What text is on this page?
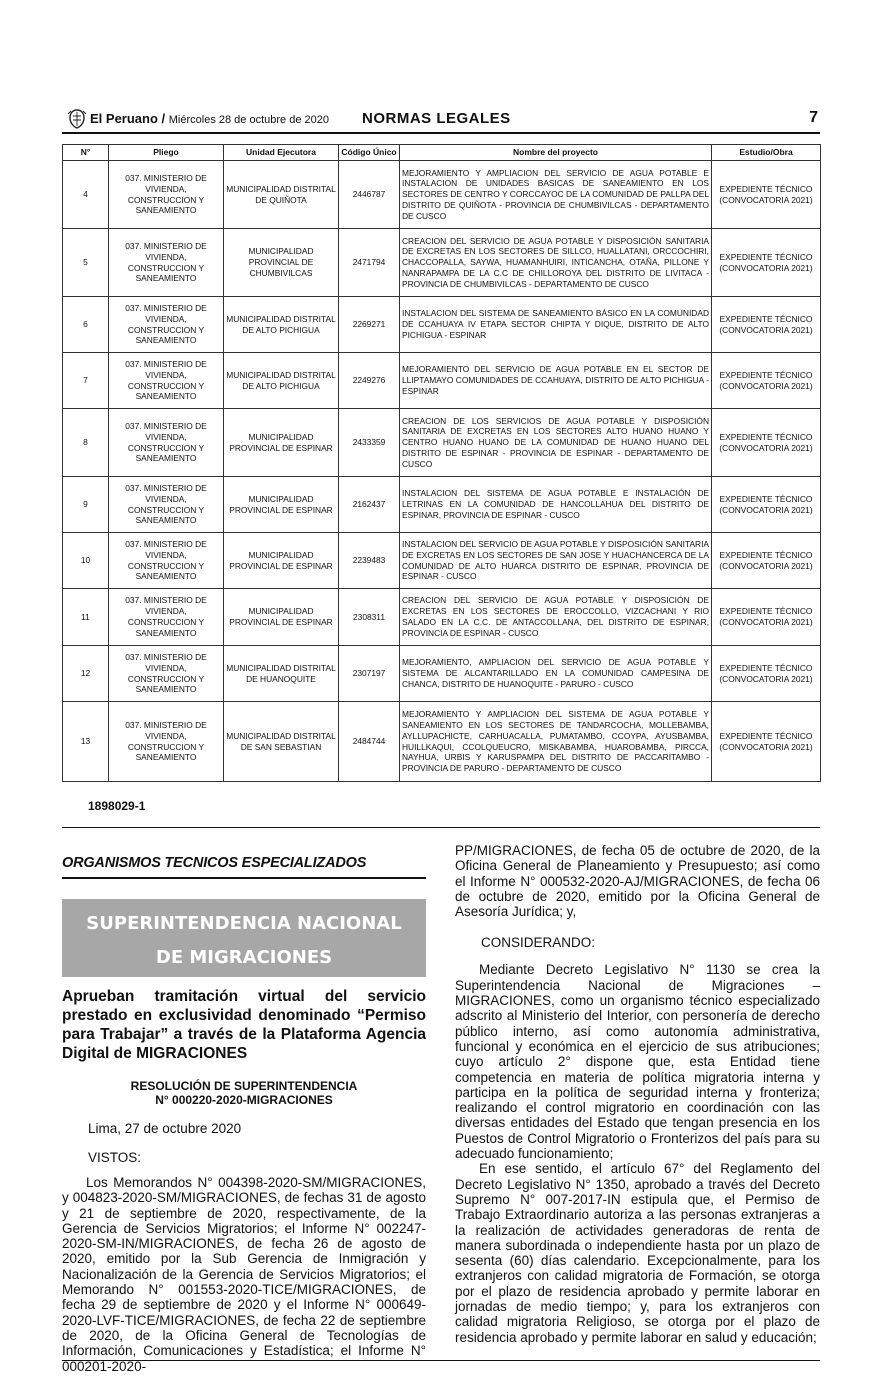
El Peruano / Miércoles 28 de octubre de 2020 NORMAS LEGALES	7
N°	Pliego	Unidad Ejecutora	Código Único	Nombre del proyecto	Estudio/Obra
4	037. MINISTERIO DE VIVIENDA, CONSTRUCCION Y SANEAMIENTO	MUNICIPALIDAD DISTRITAL DE QUIÑOTA	2446787	MEJORAMIENTO Y AMPLIACION DEL SERVICIO DE AGUA POTABLE E INSTALACION DE UNIDADES BASICAS DE SANEAMIENTO EN LOS SECTORES DE CENTRO Y CORCCAYOC DE LA COMUNIDAD DE PALLPA DEL DISTRITO DE QUIÑOTA - PROVINCIA DE CHUMBIVILCAS - DEPARTAMENTO DE CUSCO	EXPEDIENTE TÉCNICO (CONVOCATORIA 2021)
5	037. MINISTERIO DE VIVIENDA, CONSTRUCCION Y SANEAMIENTO	MUNICIPALIDAD PROVINCIAL DE CHUMBIVILCAS	2471794	CREACION DEL SERVICIO DE AGUA POTABLE Y DISPOSICIÓN SANITARIA DE EXCRETAS EN LOS SECTORES DE SILLCO, HUALLATANI, ORCCOCHIRI, CHACCOPALLA, SAYWA, HUAMANHUIRI, INTICANCHA, OTAÑA, PILLONE Y NANRAPAMPA DE LA C.C DE CHILLOROYA DEL DISTRITO DE LIVITACA - PROVINCIA DE CHUMBIVILCAS - DEPARTAMENTO DE CUSCO	EXPEDIENTE TÉCNICO (CONVOCATORIA 2021)
6	037. MINISTERIO DE VIVIENDA, CONSTRUCCION Y SANEAMIENTO	MUNICIPALIDAD DISTRITAL DE ALTO PICHIGUA	2269271	INSTALACION DEL SISTEMA DE SANEAMIENTO BÁSICO EN LA COMUNIDAD DE CCAHUAYA IV ETAPA SECTOR CHIPTA Y DIQUE, DISTRITO DE ALTO PICHIGUA - ESPINAR	EXPEDIENTE TÉCNICO (CONVOCATORIA 2021)
7	037. MINISTERIO DE VIVIENDA, CONSTRUCCION Y SANEAMIENTO	MUNICIPALIDAD DISTRITAL DE ALTO PICHIGUA	2249276	MEJORAMIENTO DEL SERVICIO DE AGUA POTABLE EN EL SECTOR DE LLIPTAMAYO COMUNIDADES DE CCAHUAYA, DISTRITO DE ALTO PICHIGUA - ESPINAR	EXPEDIENTE TÉCNICO (CONVOCATORIA 2021)
8	037. MINISTERIO DE VIVIENDA, CONSTRUCCION Y SANEAMIENTO	MUNICIPALIDAD PROVINCIAL DE ESPINAR	2433359	CREACION DE LOS SERVICIOS DE AGUA POTABLE Y DISPOSICIÓN SANITARIA DE EXCRETAS EN LOS SECTORES ALTO HUANO HUANO Y CENTRO HUANO HUANO DE LA COMUNIDAD DE HUANO HUANO DEL DISTRITO DE ESPINAR - PROVINCIA DE ESPINAR - DEPARTAMENTO DE CUSCO	EXPEDIENTE TÉCNICO (CONVOCATORIA 2021)
9	037. MINISTERIO DE VIVIENDA, CONSTRUCCION Y SANEAMIENTO	MUNICIPALIDAD PROVINCIAL DE ESPINAR	2162437	INSTALACION DEL SISTEMA DE AGUA POTABLE E INSTALACIÓN DE LETRINAS EN LA COMUNIDAD DE HANCOLLAHUA DEL DISTRITO DE ESPINAR, PROVINCIA DE ESPINAR - CUSCO	EXPEDIENTE TÉCNICO (CONVOCATORIA 2021)
10	037. MINISTERIO DE VIVIENDA, CONSTRUCCION Y SANEAMIENTO	MUNICIPALIDAD PROVINCIAL DE ESPINAR	2239483	INSTALACION DEL SERVICIO DE AGUA POTABLE Y DISPOSICIÓN SANITARIA DE EXCRETAS EN LOS SECTORES DE SAN JOSE Y HUACHANCERCA DE LA COMUNIDAD DE ALTO HUARCA DISTRITO DE ESPINAR, PROVINCIA DE ESPINAR - CUSCO	EXPEDIENTE TÉCNICO (CONVOCATORIA 2021)
11	037. MINISTERIO DE VIVIENDA, CONSTRUCCION Y SANEAMIENTO	MUNICIPALIDAD PROVINCIAL DE ESPINAR	2308311	CREACION DEL SERVICIO DE AGUA POTABLE Y DISPOSICIÓN DE EXCRETAS EN LOS SECTORES DE EROCCOLLO, VIZCACHANI Y RIO SALADO EN LA C.C. DE ANTACCOLLANA, DEL DISTRITO DE ESPINAR, PROVINCIA DE ESPINAR - CUSCO	EXPEDIENTE TÉCNICO (CONVOCATORIA 2021)
12	037. MINISTERIO DE VIVIENDA, CONSTRUCCION Y SANEAMIENTO	MUNICIPALIDAD DISTRITAL DE HUANOQUITE	2307197	MEJORAMIENTO, AMPLIACION DEL SERVICIO DE AGUA POTABLE Y SISTEMA DE ALCANTARILLADO EN LA COMUNIDAD CAMPESINA DE CHANCA, DISTRITO DE HUANOQUITE - PARURO - CUSCO	EXPEDIENTE TÉCNICO (CONVOCATORIA 2021)
13	037. MINISTERIO DE VIVIENDA, CONSTRUCCION Y SANEAMIENTO	MUNICIPALIDAD DISTRITAL DE SAN SEBASTIAN	2484744	MEJORAMIENTO Y AMPLIACION DEL SISTEMA DE AGUA POTABLE Y SANEAMIENTO EN LOS SECTORES DE TANDARCOCHA, MOLLEBAMBA, AYLLUPACHICTE, CARHUACALLA, PUMATAMBO, CCOYPA, AYUSBAMBA, HUILLKAQUI, CCOLQUEUCRO, MISKABAMBA, HUAROBAMBA, PIRCCA, NAYHUA, URBIS Y KARUSPAMPA DEL DISTRITO DE PACCARITAMBO - PROVINCIA DE PARURO - DEPARTAMENTO DE CUSCO	EXPEDIENTE TÉCNICO (CONVOCATORIA 2021)
1898029-1
ORGANISMOS TECNICOS ESPECIALIZADOS
SUPERINTENDENCIA NACIONAL
DE MIGRACIONES
Aprueban tramitación virtual del servicio prestado en exclusividad denominado “Permiso para Trabajar” a través de la Plataforma Agencia Digital de MIGRACIONES
RESOLUCIÓN DE SUPERINTENDENCIA
N° 000220-2020-MIGRACIONES
Lima, 27 de octubre 2020
VISTOS:

Los Memorandos N° 004398-2020-SM/MIGRACIONES, y 004823-2020-SM/MIGRACIONES, de fechas 31 de agosto y 21 de septiembre de 2020, respectivamente, de la Gerencia de Servicios Migratorios; el Informe N° 002247-2020-SM-IN/MIGRACIONES, de fecha 26 de agosto de 2020, emitido por la Sub Gerencia de Inmigración y Nacionalización de la Gerencia de Servicios Migratorios; el Memorando N° 001553-2020-TICE/MIGRACIONES, de fecha 29 de septiembre de 2020 y el Informe N° 000649-2020-LVF-TICE/MIGRACIONES, de fecha 22 de septiembre de 2020, de la Oficina General de Tecnologías de Información, Comunicaciones y Estadística; el Informe N° 000201-2020-

PP/MIGRACIONES, de fecha 05 de octubre de 2020, de la Oficina General de Planeamiento y Presupuesto; así como el Informe N° 000532-2020-AJ/MIGRACIONES, de fecha 06 de octubre de 2020, emitido por la Oficina General de Asesoría Jurídica; y,

CONSIDERANDO:

Mediante Decreto Legislativo N° 1130 se crea la Superintendencia Nacional de Migraciones – MIGRACIONES, como un organismo técnico especializado adscrito al Ministerio del Interior, con personería de derecho público interno, así como autonomía administrativa, funcional y económica en el ejercicio de sus atribuciones; cuyo artículo 2° dispone que, esta Entidad tiene competencia en materia de política migratoria interna y participa en la política de seguridad interna y fronteriza; realizando el control migratorio en coordinación con las diversas entidades del Estado que tengan presencia en los Puestos de Control Migratorio o Fronterizos del país para su adecuado funcionamiento;

En ese sentido, el artículo 67° del Reglamento del Decreto Legislativo N° 1350, aprobado a través del Decreto Supremo N° 007-2017-IN estipula que, el Permiso de Trabajo Extraordinario autoriza a las personas extranjeras a la realización de actividades generadoras de renta de manera subordinada o independiente hasta por un plazo de sesenta (60) días calendario. Excepcionalmente, para los extranjeros con calidad migratoria de Formación, se otorga por el plazo de residencia aprobado y permite laborar en jornadas de medio tiempo; y, para los extranjeros con calidad migratoria Religioso, se otorga por el plazo de residencia aprobado y permite laborar en salud y educación;
